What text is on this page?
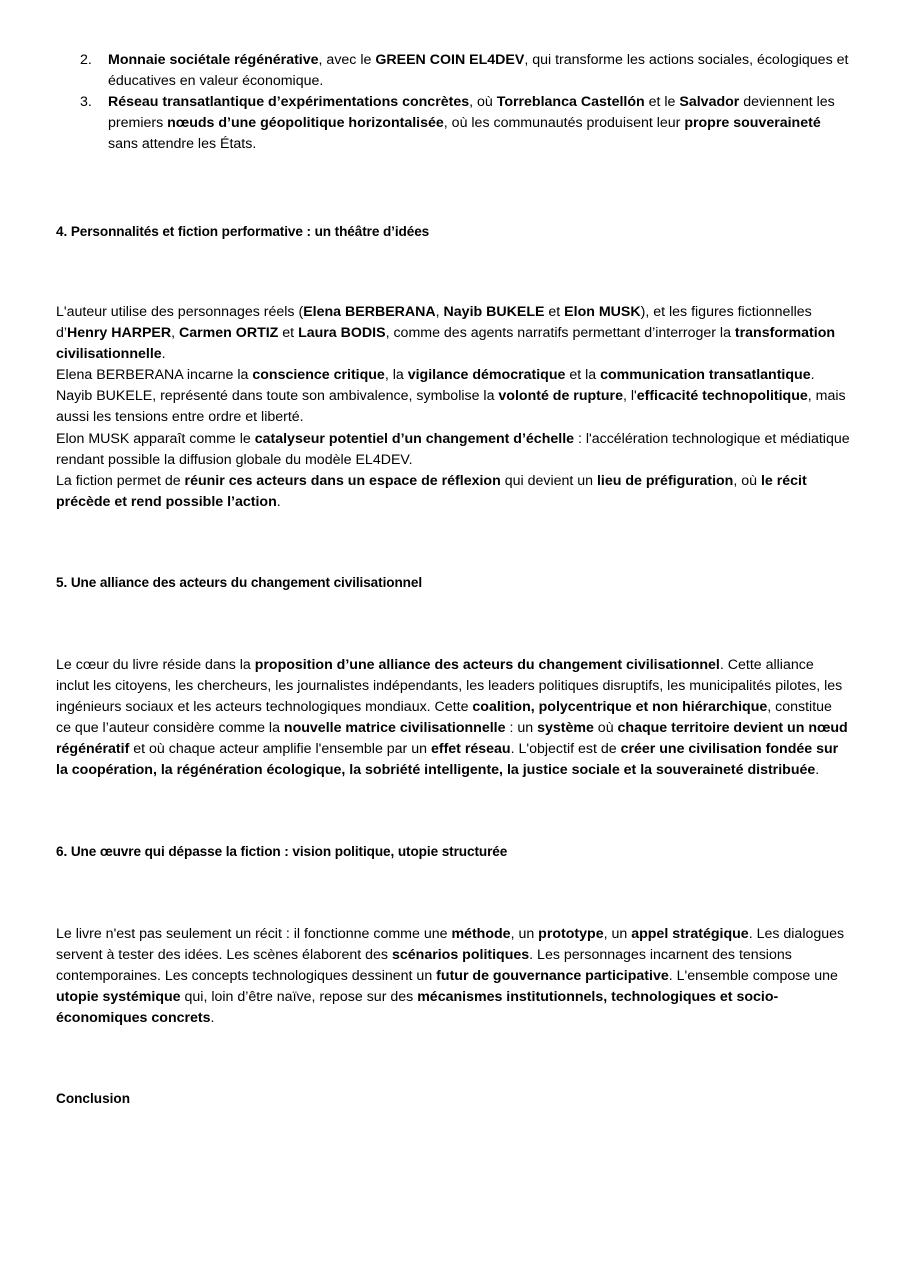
2. Monnaie sociétale régénérative, avec le GREEN COIN EL4DEV, qui transforme les actions sociales, écologiques et éducatives en valeur économique.
3. Réseau transatlantique d’expérimentations concrètes, où Torreblanca Castellón et le Salvador deviennent les premiers nœuds d’une géopolitique horizontalisée, où les communautés produisent leur propre souveraineté sans attendre les États.
4. Personnalités et fiction performative : un théâtre d’idées

L'auteur utilise des personnages réels (Elena BERBERANA, Nayib BUKELE et Elon MUSK), et les figures fictionnelles d’Henry HARPER, Carmen ORTIZ et Laura BODIS, comme des agents narratifs permettant d’interroger la transformation civilisationnelle.
Elena BERBERANA incarne la conscience critique, la vigilance démocratique et la communication transatlantique.
Nayib BUKELE, représenté dans toute son ambivalence, symbolise la volonté de rupture, l'efficacité technopolitique, mais aussi les tensions entre ordre et liberté.
Elon MUSK apparaît comme le catalyseur potentiel d’un changement d’échelle : l'accélération technologique et médiatique rendant possible la diffusion globale du modèle EL4DEV.
La fiction permet de réunir ces acteurs dans un espace de réflexion qui devient un lieu de préfiguration, où le récit précède et rend possible l’action.

5. Une alliance des acteurs du changement civilisationnel

Le cœur du livre réside dans la proposition d’une alliance des acteurs du changement civilisationnel. Cette alliance inclut les citoyens, les chercheurs, les journalistes indépendants, les leaders politiques disruptifs, les municipalités pilotes, les ingénieurs sociaux et les acteurs technologiques mondiaux. Cette coalition, polycentrique et non hiérarchique, constitue ce que l’auteur considère comme la nouvelle matrice civilisationnelle : un système où chaque territoire devient un nœud régénératif et où chaque acteur amplifie l'ensemble par un effet réseau. L'objectif est de créer une civilisation fondée sur la coopération, la régénération écologique, la sobriété intelligente, la justice sociale et la souveraineté distribuée.

6. Une œuvre qui dépasse la fiction : vision politique, utopie structurée

Le livre n'est pas seulement un récit : il fonctionne comme une méthode, un prototype, un appel stratégique. Les dialogues servent à tester des idées. Les scènes élaborent des scénarios politiques. Les personnages incarnent des tensions contemporaines. Les concepts technologiques dessinent un futur de gouvernance participative. L'ensemble compose une utopie systémique qui, loin d’être naïve, repose sur des mécanismes institutionnels, technologiques et socio-économiques concrets.

Conclusion
